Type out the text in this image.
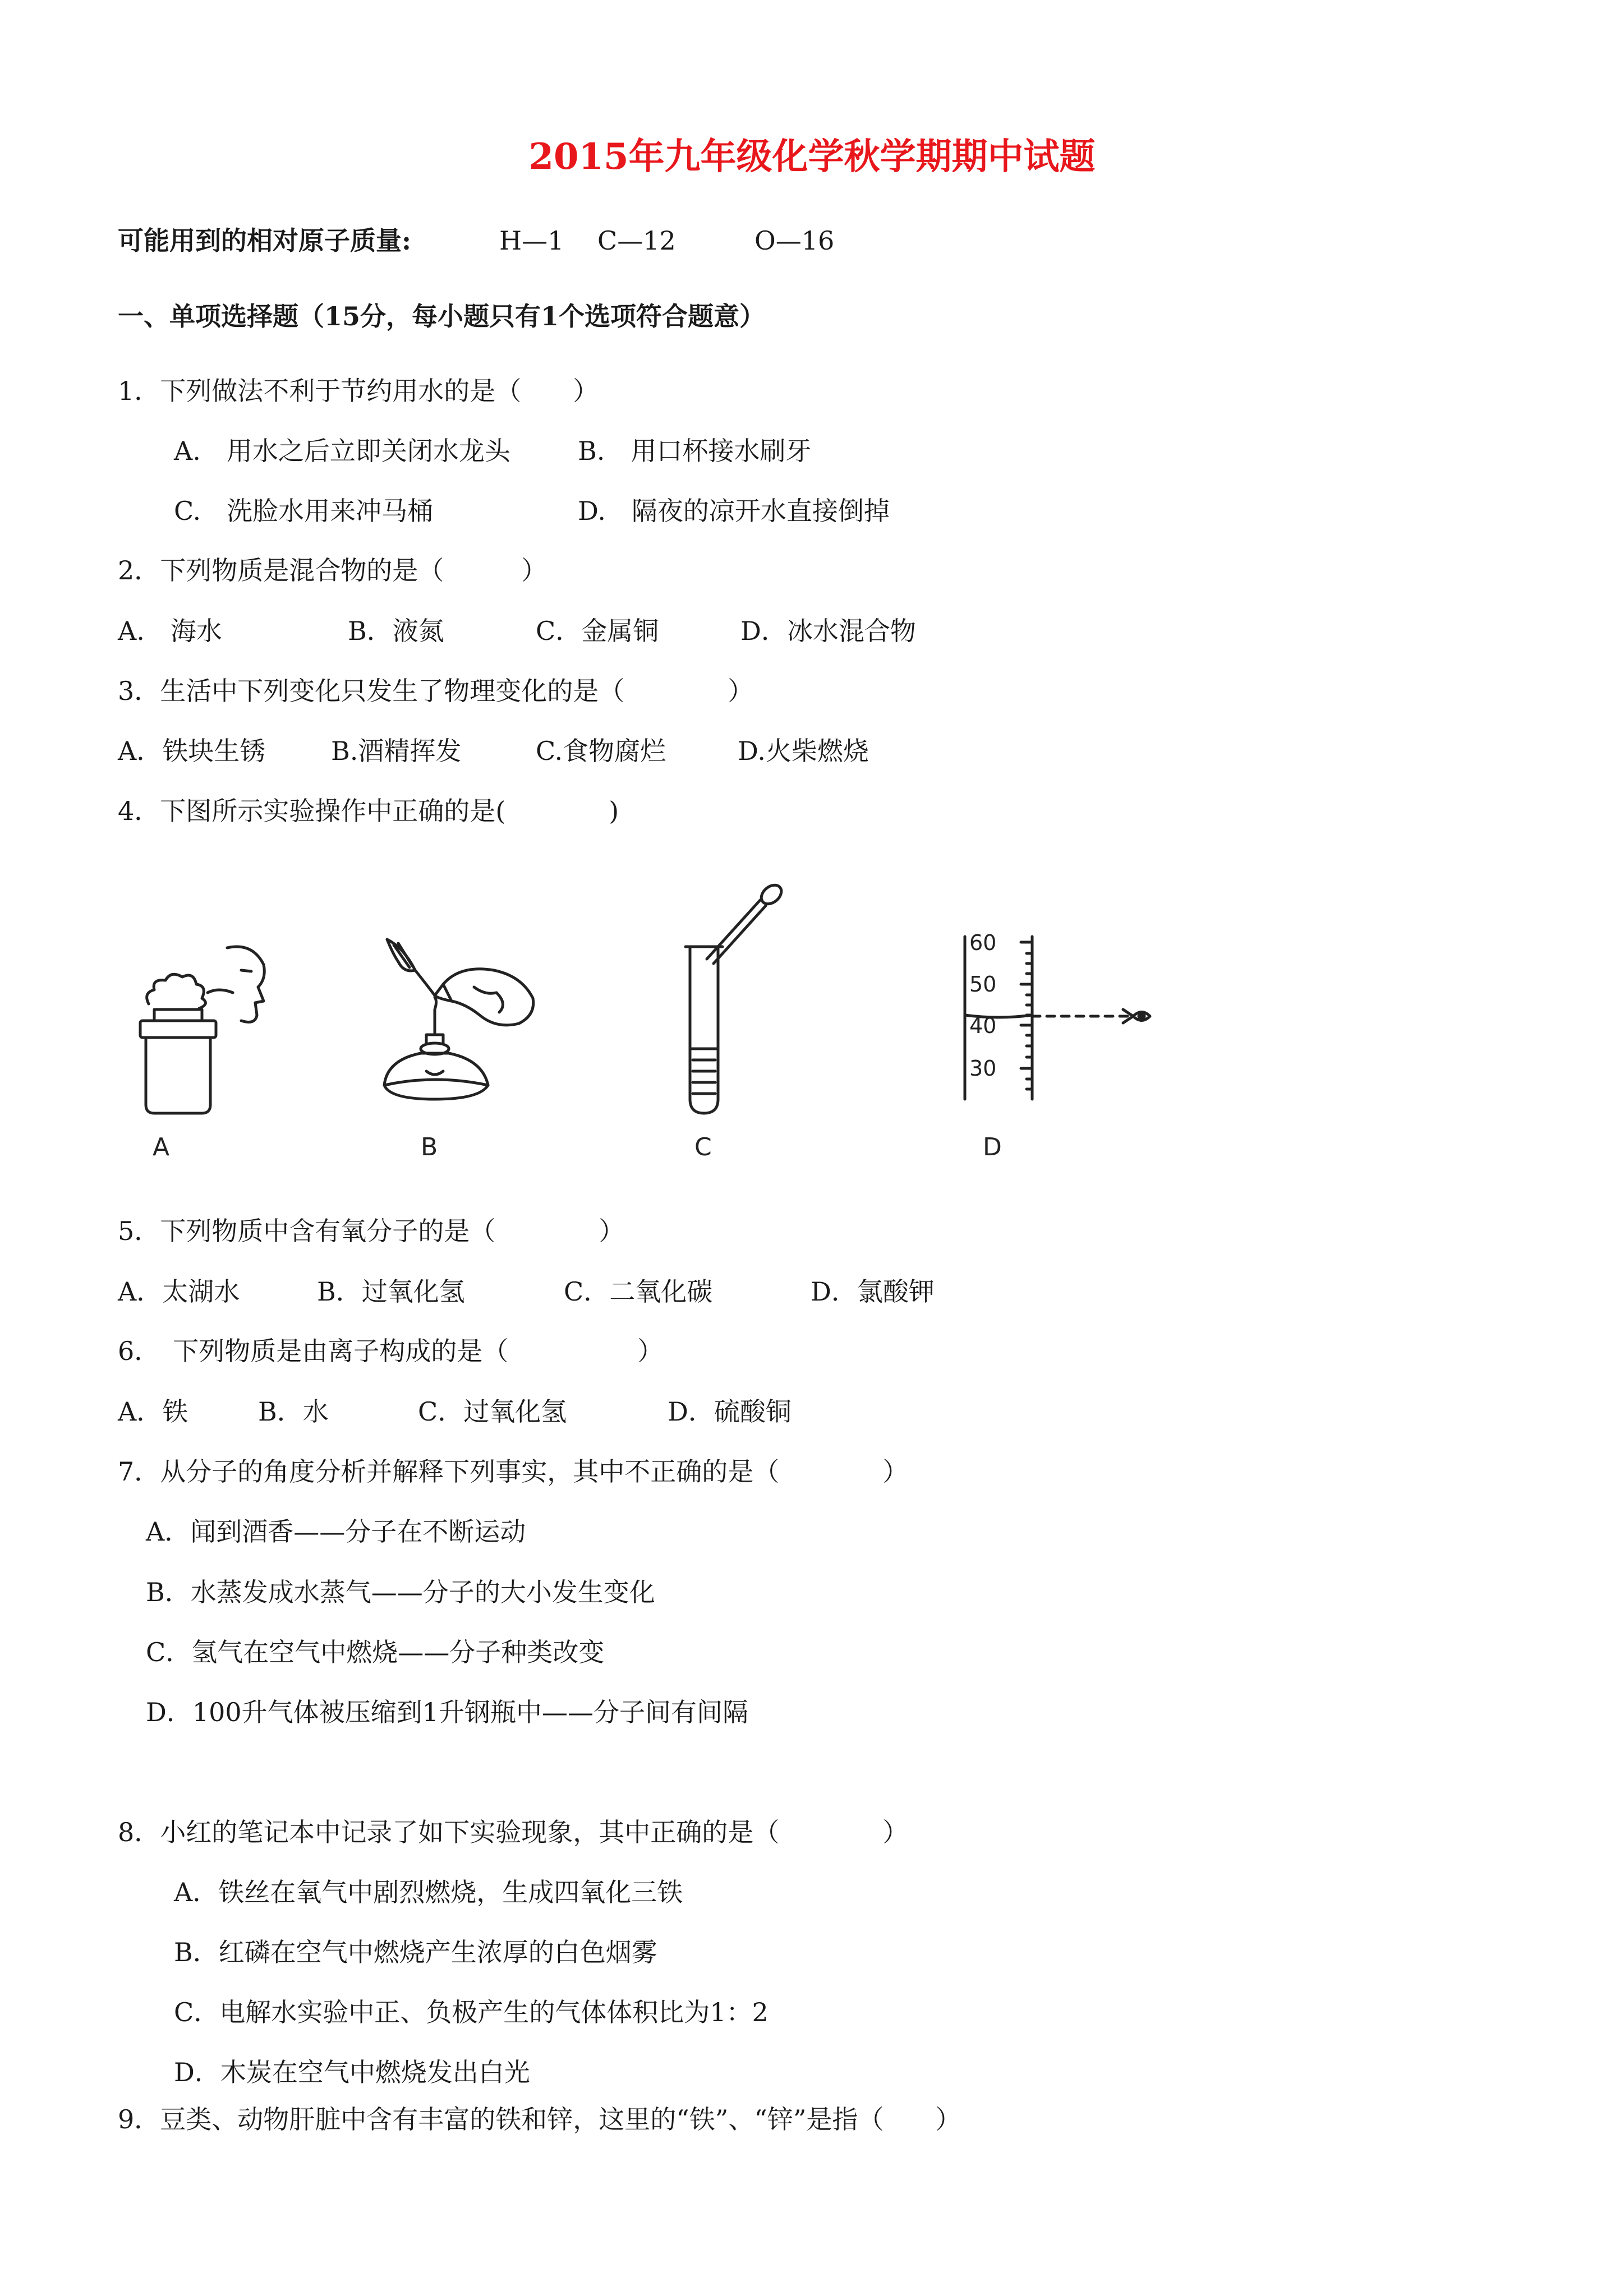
2015年九年级化学秋学期期中试题
可能用到的相对原子质量:	H—1 C—12	O—16
一、单项选择题（15分，每小题只有1个选项符合题意）
1．下列做法不利于节约用水的是（　　）
A.　用水之后立即关闭水龙头	B.　用口杯接水刷牙
C.　洗脸水用来冲马桶	D.　隔夜的凉开水直接倒掉
2．下列物质是混合物的是（　　　）
A.　海水	B．液氮	C．金属铜	D．冰水混合物
3．生活中下列变化只发生了物理变化的是（　　　　）
A．铁块生锈	B.酒精挥发	C.食物腐烂	D.火柴燃烧
4．下图所示实验操作中正确的是(　　　　)
A	B	C
60
50
40
30
D
5．下列物质中含有氧分子的是（　　　　）
A．太湖水	B．过氧化氢	C．二氧化碳	D．氯酸钾
6．　下列物质是由离子构成的是（　　　　　）
A．铁	B．水	C．过氧化氢	D．硫酸铜
7．从分子的角度分析并解释下列事实，其中不正确的是（　　　　）
A．闻到酒香——分子在不断运动
B．水蒸发成水蒸气——分子的大小发生变化
C．氢气在空气中燃烧——分子种类改变
D．100升气体被压缩到1升钢瓶中——分子间有间隔
8．小红的笔记本中记录了如下实验现象，其中正确的是（　　　　）
A．铁丝在氧气中剧烈燃烧，生成四氧化三铁
B．红磷在空气中燃烧产生浓厚的白色烟雾
C．电解水实验中正、负极产生的气体体积比为1：2
D．木炭在空气中燃烧发出白光
9．豆类、动物肝脏中含有丰富的铁和锌，这里的“铁”、“锌”是指（　　）
